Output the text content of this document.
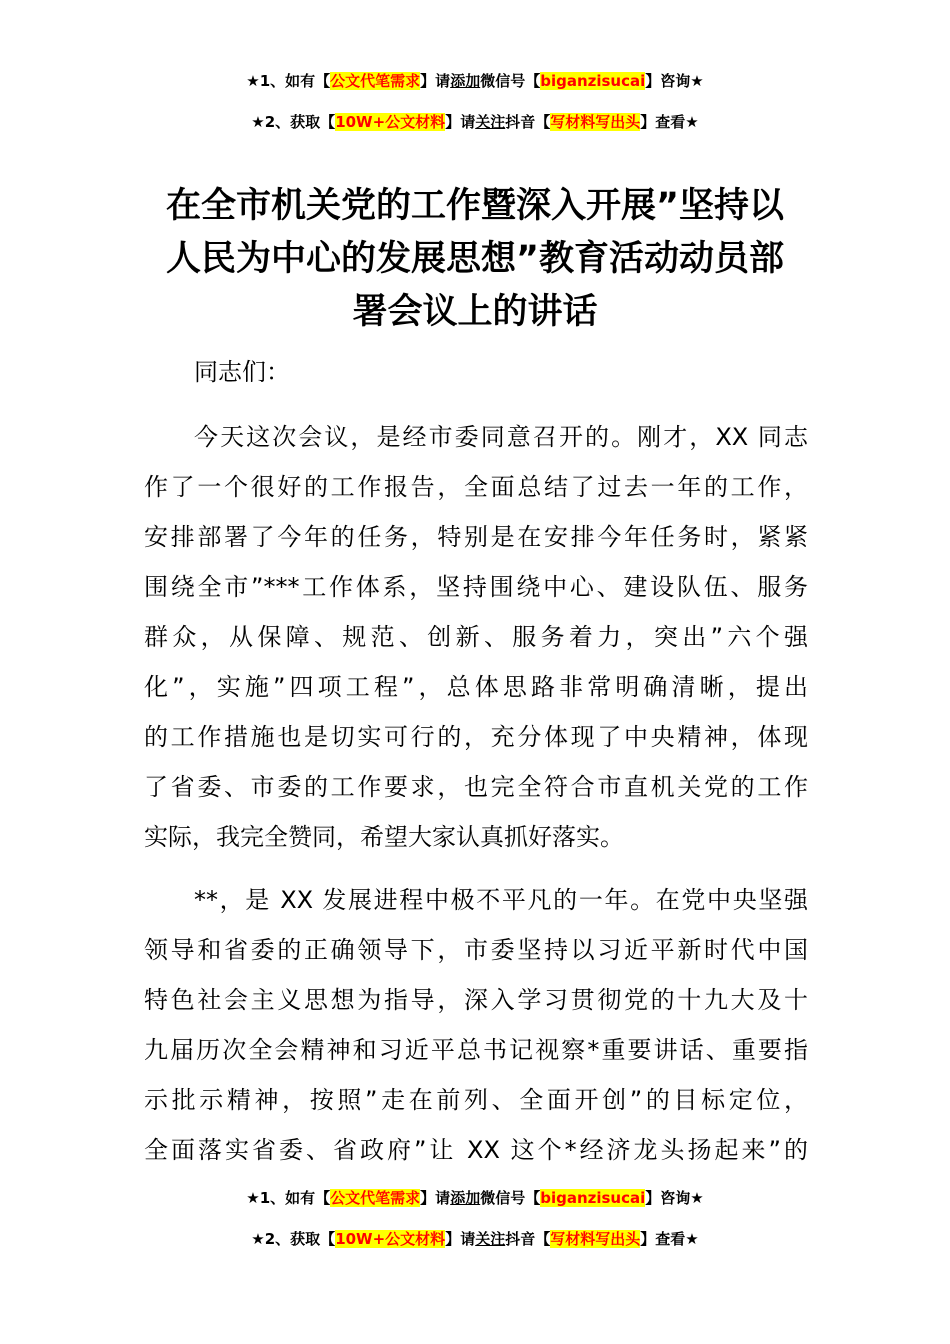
★1、如有【公文代笔需求】请添加微信号【biganzisucai】咨询★
★2、获取【10W+公文材料】请关注抖音【写材料写出头】查看★
在全市机关党的工作暨深入开展”坚持以
人民为中心的发展思想”教育活动动员部
署会议上的讲话
同志们：
今天这次会议，是经市委同意召开的。刚才，XX 同志
作了一个很好的工作报告，全面总结了过去一年的工作，
安排部署了今年的任务，特别是在安排今年任务时，紧紧
围绕全市”***工作体系，坚持围绕中心、建设队伍、服务
群众，从保障、规范、创新、服务着力，突出”六个强
化”，实施”四项工程”，总体思路非常明确清晰，提出
的工作措施也是切实可行的，充分体现了中央精神，体现
了省委、市委的工作要求，也完全符合市直机关党的工作
实际，我完全赞同，希望大家认真抓好落实。
**，是 XX 发展进程中极不平凡的一年。在党中央坚强
领导和省委的正确领导下，市委坚持以习近平新时代中国
特色社会主义思想为指导，深入学习贯彻党的十九大及十
九届历次全会精神和习近平总书记视察*重要讲话、重要指
示批示精神，按照”走在前列、全面开创”的目标定位，
全面落实省委、省政府”让 XX 这个*经济龙头扬起来”的
★1、如有【公文代笔需求】请添加微信号【biganzisucai】咨询★
★2、获取【10W+公文材料】请关注抖音【写材料写出头】查看★
